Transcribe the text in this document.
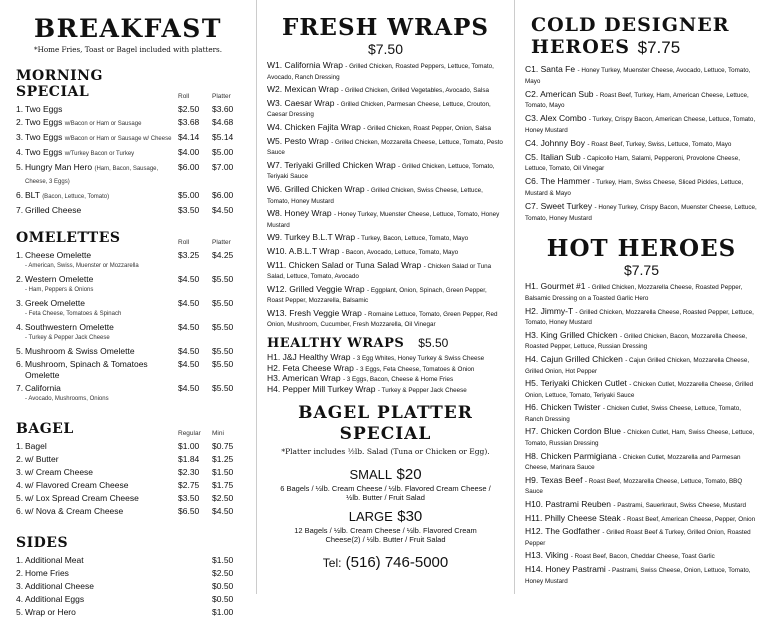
BREAKFAST
*Home Fries, Toast or Bagel included with platters.
MORNING SPECIAL	Roll	Platter
1. Two Eggs	$2.50	$3.60
2. Two Eggs w/Bacon or Ham or Sausage	$3.68	$4.68
3. Two Eggs w/Bacon or Ham or Sausage w/ Cheese $4.14	$5.14
4. Two Eggs w/Turkey Bacon or Turkey	$4.00	$5.00
5. Hungry Man Hero (Ham, Bacon, Sausage, Cheese, 3 Eggs)
$6.00	$7.00
6. BLT (Bacon, Lettuce, Tomato)	$5.00	$6.00
7. Grilled Cheese	$3.50	$4.50
OMELETTES	Roll	Platter
1. Cheese Omelette
- American, Swiss, Muenster or Mozzarella
$3.25	$4.25
2. Western Omelette
- Ham, Peppers & Onions
$4.50	$5.50
3. Greek Omelette
- Feta Cheese, Tomatoes & Spinach
$4.50	$5.50
4. Southwestern Omelette
- Turkey & Pepper Jack Cheese
$4.50	$5.50
5. Mushroom & Swiss Omelette	$4.50	$5.50
6. Mushroom, Spinach & Tomatoes Omelette
$4.50	$5.50
7. California
- Avocado, Mushrooms, Onions
$4.50	$5.50
BAGEL	Regular	Mini
1. Bagel	$1.00	$0.75
2. w/ Butter	$1.84	$1.25
3. w/ Cream Cheese	$2.30	$1.50
4. w/ Flavored Cream Cheese	$2.75	$1.75
5. w/ Lox Spread Cream Cheese	$3.50	$2.50
6. w/ Nova & Cream Cheese	$6.50	$4.50
SIDES
1. Additional Meat	$1.50
2. Home Fries	$2.50
3. Additional Cheese	$0.50
4. Additional Eggs	$0.50
5. Wrap or Hero	$1.00
FRESH WRAPS
$7.50
W1. California Wrap - Grilled Chicken, Roasted Peppers, Lettuce, Tomato, Avocado, Ranch Dressing
W2. Mexican Wrap - Grilled Chicken, Grilled Vegetables, Avocado, Salsa
W3. Caesar Wrap - Grilled Chicken, Parmesan Cheese, Lettuce, Crouton, Caesar Dressing
W4. Chicken Fajita Wrap - Grilled Chicken, Roast Pepper, Onion, Salsa
W5. Pesto Wrap - Grilled Chicken, Mozzarella Cheese, Lettuce, Tomato, Pesto Sauce
W7. Teriyaki Grilled Chicken Wrap - Grilled Chicken, Lettuce, Tomato, Teriyaki Sauce
W6. Grilled Chicken Wrap - Grilled Chicken, Swiss Cheese, Lettuce, Tomato, Honey Mustard
W8. Honey Wrap - Honey Turkey, Muenster Cheese, Lettuce, Tomato, Honey Mustard
W9. Turkey B.L.T Wrap - Turkey, Bacon, Lettuce, Tomato, Mayo
W10. A.B.L.T Wrap - Bacon, Avocado, Lettuce, Tomato, Mayo
W11. Chicken Salad or Tuna Salad Wrap - Chicken Salad or Tuna Salad, Lettuce, Tomato, Avocado
W12. Grilled Veggie Wrap - Eggplant, Onion, Spinach, Green Pepper, Roast Pepper, Mozzarella, Balsamic
W13. Fresh Veggie Wrap - Romaine Lettuce, Tomato, Green Pepper, Red Onion, Mushroom, Cucumber, Fresh Mozzarella, Oil Vinegar
HEALTHY WRAPS $5.50
H1. J&J Healthy Wrap - 3 Egg Whites, Honey Turkey & Swiss Cheese
H2. Feta Cheese Wrap - 3 Eggs, Feta Cheese, Tomatoes & Onion
H3. American Wrap - 3 Eggs, Bacon, Cheese & Home Fries
H4. Pepper Mill Turkey Wrap - Turkey & Pepper Jack Cheese
BAGEL PLATTER
SPECIAL
*Platter includes ½lb. Salad (Tuna or Chicken or Egg).
SMALL $20
6 Bagels / ½lb. Cream Cheese / ½lb. Flavored Cream Cheese / ½lb. Butter / Fruit Salad
LARGE $30
12 Bagels / ½lb. Cream Cheese / ½lb. Flavored Cream Cheese(2) / ½lb. Butter / Fruit Salad
Tel: (516) 746-5000
COLD DESIGNER
HEROES $7.75
C1. Santa Fe - Honey Turkey, Muenster Cheese, Avocado, Lettuce, Tomato, Mayo
C2. American Sub - Roast Beef, Turkey, Ham, American Cheese, Lettuce, Tomato, Mayo
C3. Alex Combo - Turkey, Crispy Bacon, American Cheese, Lettuce, Tomato, Honey Mustard
C4. Johnny Boy - Roast Beef, Turkey, Swiss, Lettuce, Tomato, Mayo
C5. Italian Sub - Capicollo Ham, Salami, Pepperoni, Provolone Cheese, Lettuce, Tomato, Oil Vinegar
C6. The Hammer - Turkey, Ham, Swiss Cheese, Sliced Pickles, Lettuce, Mustard & Mayo
C7. Sweet Turkey - Honey Turkey, Crispy Bacon, Muenster Cheese, Lettuce, Tomato, Honey Mustard
HOT HEROES
$7.75
H1. Gourmet #1 - Grilled Chicken, Mozzarella Cheese, Roasted Pepper, Balsamic Dressing on a Toasted Garlic Hero
H2. Jimmy-T - Grilled Chicken, Mozzarella Cheese, Roasted Pepper, Lettuce, Tomato, Honey Mustard
H3. King Grilled Chicken - Grilled Chicken, Bacon, Mozzarella Cheese, Roasted Pepper, Lettuce, Russian Dressing
H4. Cajun Grilled Chicken - Cajun Grilled Chicken, Mozzarella Cheese, Grilled Onion, Hot Pepper
H5. Teriyaki Chicken Cutlet - Chicken Cutlet, Mozzarella Cheese, Grilled Onion, Lettuce, Tomato, Teriyaki Sauce
H6. Chicken Twister - Chicken Cutlet, Swiss Cheese, Lettuce, Tomato, Ranch Dressing
H7. Chicken Cordon Blue - Chicken Cutlet, Ham, Swiss Cheese, Lettuce, Tomato, Russian Dressing
H8. Chicken Parmigiana - Chicken Cutlet, Mozzarella and Parmesan Cheese, Marinara Sauce
H9. Texas Beef - Roast Beef, Mozzarella Cheese, Lettuce, Tomato, BBQ Sauce
H10. Pastrami Reuben - Pastrami, Sauerkraut, Swiss Cheese, Mustard
H11. Philly Cheese Steak - Roast Beef, American Cheese, Pepper, Onion
H12. The Godfather - Grilled Roast Beef & Turkey, Grilled Onion, Roasted Pepper
H13. Viking - Roast Beef, Bacon, Cheddar Cheese, Toast Garlic
H14. Honey Pastrami - Pastrami, Swiss Cheese, Onion, Lettuce, Tomato, Honey Mustard
